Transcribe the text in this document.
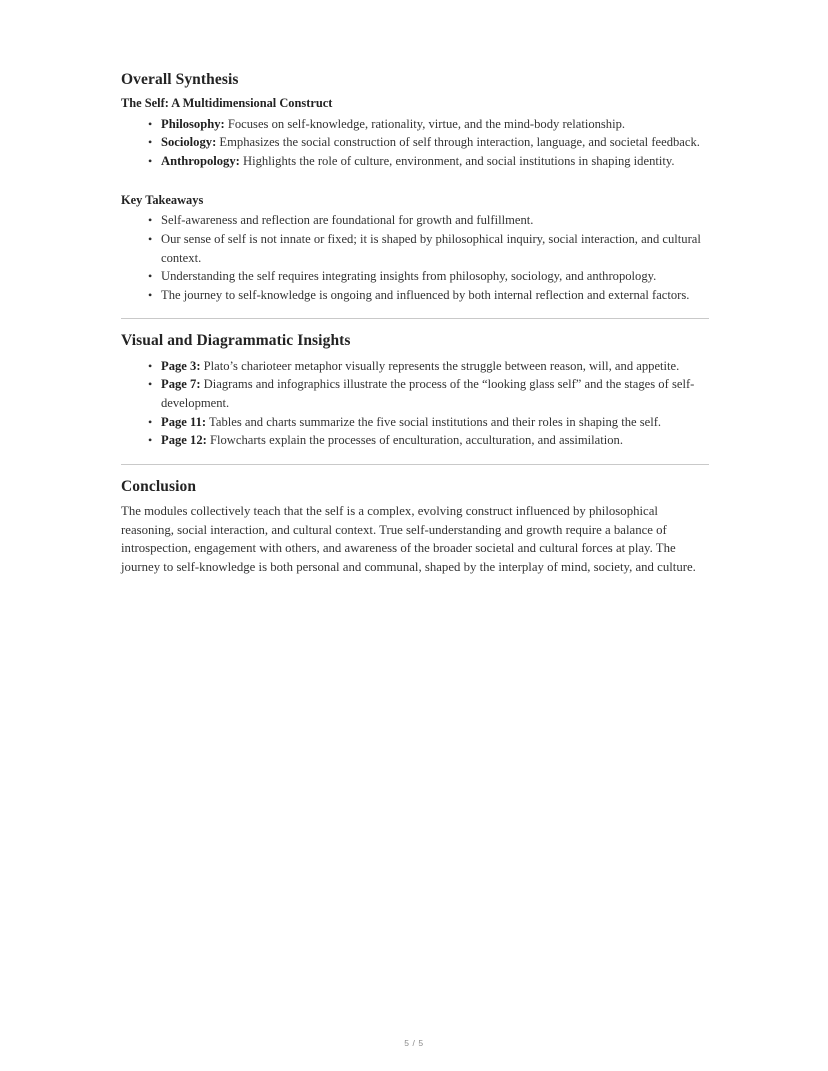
Overall Synthesis
The Self: A Multidimensional Construct
• Philosophy: Focuses on self-knowledge, rationality, virtue, and the mind-body relationship.
• Sociology: Emphasizes the social construction of self through interaction, language, and societal feedback.
• Anthropology: Highlights the role of culture, environment, and social institutions in shaping identity.
Key Takeaways
• Self-awareness and reflection are foundational for growth and fulfillment.
• Our sense of self is not innate or fixed; it is shaped by philosophical inquiry, social interaction, and cultural context.
• Understanding the self requires integrating insights from philosophy, sociology, and anthropology.
• The journey to self-knowledge is ongoing and influenced by both internal reflection and external factors.
Visual and Diagrammatic Insights
• Page 3: Plato’s charioteer metaphor visually represents the struggle between reason, will, and appetite.
• Page 7: Diagrams and infographics illustrate the process of the “looking glass self” and the stages of self-development.
• Page 11: Tables and charts summarize the five social institutions and their roles in shaping the self.
• Page 12: Flowcharts explain the processes of enculturation, acculturation, and assimilation.
Conclusion

The modules collectively teach that the self is a complex, evolving construct influenced by philosophical reasoning, social interaction, and cultural context. True self-understanding and growth require a balance of introspection, engagement with others, and awareness of the broader societal and cultural forces at play. The journey to self-knowledge is both personal and communal, shaped by the interplay of mind, society, and culture.

5 / 5
